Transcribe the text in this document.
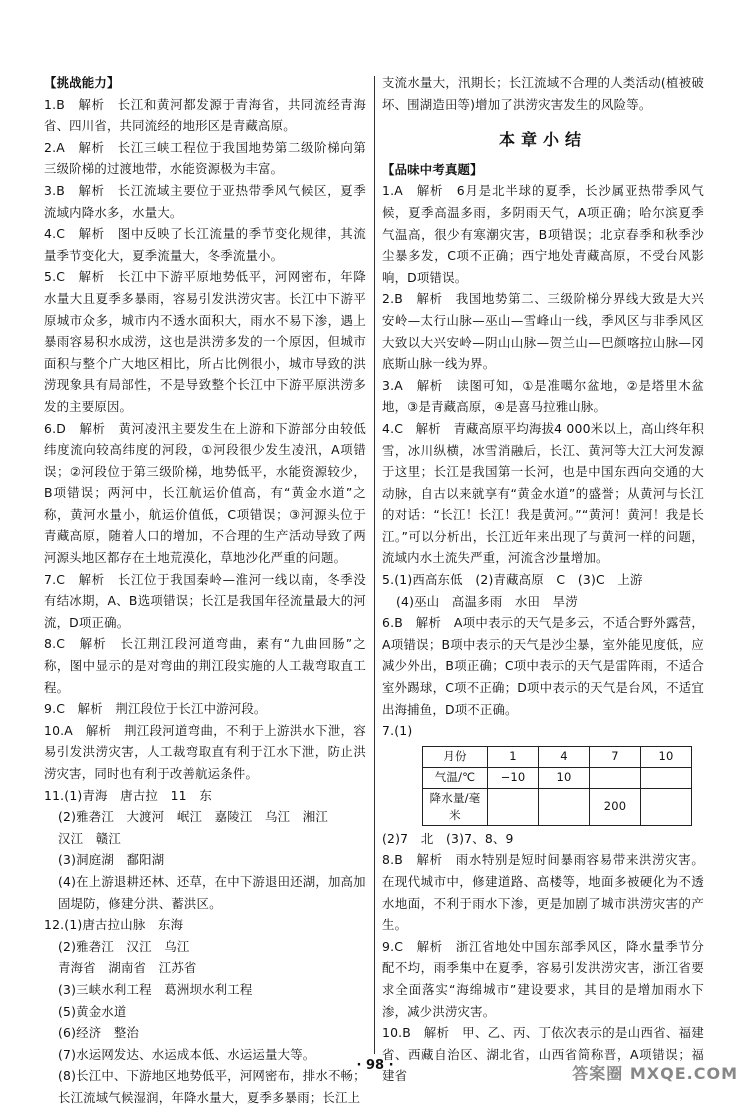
【挑战能力】

1.B　解析　长江和黄河都发源于青海省，共同流经青海省、四川省，共同流经的地形区是青藏高原。

2.A　解析　长江三峡工程位于我国地势第二级阶梯向第三级阶梯的过渡地带，水能资源极为丰富。

3.B　解析　长江流域主要位于亚热带季风气候区，夏季流域内降水多，水量大。

4.C　解析　图中反映了长江流量的季节变化规律，其流量季节变化大，夏季流量大，冬季流量小。

5.C　解析　长江中下游平原地势低平，河网密布，年降水量大且夏季多暴雨，容易引发洪涝灾害。长江中下游平原城市众多，城市内不透水面积大，雨水不易下渗，遇上暴雨容易积水成涝，这也是洪涝多发的一个原因，但城市面积与整个广大地区相比，所占比例很小，城市导致的洪涝现象具有局部性，不是导致整个长江中下游平原洪涝多发的主要原因。

6.D　解析　黄河凌汛主要发生在上游和下游部分由较低纬度流向较高纬度的河段，①河段很少发生凌汛，A项错误；②河段位于第三级阶梯，地势低平，水能资源较少，B项错误；两河中，长江航运价值高，有“黄金水道”之称，黄河水量小，航运价值低，C项错误；③河源头位于青藏高原，随着人口的增加，不合理的生产活动导致了两河源头地区都存在土地荒漠化，草地沙化严重的问题。

7.C　解析　长江位于我国秦岭—淮河一线以南，冬季没有结冰期，A、B选项错误；长江是我国年径流量最大的河流，D项正确。

8.C　解析　长江荆江段河道弯曲，素有“九曲回肠”之称，图中显示的是对弯曲的荆江段实施的人工裁弯取直工程。

9.C　解析　荆江段位于长江中游河段。

10.A　解析　荆江段河道弯曲，不利于上游洪水下泄，容易引发洪涝灾害，人工裁弯取直有利于江水下泄，防止洪涝灾害，同时也有利于改善航运条件。

11.(1)青海　唐古拉　11　东

(2)雅砻江　大渡河　岷江　嘉陵江　乌江　湘江

汉江　赣江

(3)洞庭湖　鄱阳湖

(4)在上游退耕还林、还草，在中下游退田还湖，加高加固堤防，修建分洪、蓄洪区。

12.(1)唐古拉山脉　东海

(2)雅砻江　汉江　乌江

青海省　湖南省　江苏省

(3)三峡水利工程　葛洲坝水利工程

(5)黄金水道

(6)经济　整治

(7)水运网发达、水运成本低、水运运量大等。

(8)长江中、下游地区地势低平，河网密布，排水不畅；长江流域气候湿润，年降水量大，夏季多暴雨；长江上

支流水量大，汛期长；长江流域不合理的人类活动(植被破坏、围湖造田等)增加了洪涝灾害发生的风险等。

本章小结

【品味中考真题】

1.A　解析　6月是北半球的夏季，长沙属亚热带季风气候，夏季高温多雨，多阴雨天气，A项正确；哈尔滨夏季气温高，很少有寒潮灾害，B项错误；北京春季和秋季沙尘暴多发，C项不正确；西宁地处青藏高原，不受台风影响，D项错误。

2.B　解析　我国地势第二、三级阶梯分界线大致是大兴安岭—太行山脉—巫山—雪峰山一线，季风区与非季风区大致以大兴安岭—阴山山脉—贺兰山—巴颜喀拉山脉—冈底斯山脉一线为界。

3.A　解析　读图可知，①是准噶尔盆地，②是塔里木盆地，③是青藏高原，④是喜马拉雅山脉。

4.C　解析　青藏高原平均海拔4 000米以上，高山终年积雪，冰川纵横，冰雪消融后，长江、黄河等大江大河发源于这里；长江是我国第一长河，也是中国东西向交通的大动脉，自古以来就享有“黄金水道”的盛誉；从黄河与长江的对话：“长江！长江！我是黄河。”“黄河！黄河！我是长江。”可以分析出，长江近年来出现了与黄河一样的问题，流域内水土流失严重，河流含沙量增加。

5.(1)西高东低　(2)青藏高原　C　(3)C　上游

(4)巫山　高温多雨　水田　旱涝

6.B　解析　A项中表示的天气是多云，不适合野外露营，A项错误；B项中表示的天气是沙尘暴，室外能见度低，应减少外出，B项正确；C项中表示的天气是雷阵雨，不适合室外踢球，C项不正确；D项中表示的天气是台风，不适宜出海捕鱼，D项不正确。

7.(1)

月份	1	4	7	10
气温/℃	−10	10		
降水量/毫米			200	

(2)7　北　(3)7、8、9

8.B　解析　雨水特别是短时间暴雨容易带来洪涝灾害。在现代城市中，修建道路、高楼等，地面多被硬化为不透水地面，不利于雨水下渗，更是加剧了城市洪涝灾害的产生。

9.C　解析　浙江省地处中国东部季风区，降水量季节分配不均，雨季集中在夏季，容易引发洪涝灾害，浙江省要求全面落实“海绵城市”建设要求，其目的是增加雨水下渗，减少洪涝灾害。

10.B　解析　甲、乙、丙、丁依次表示的是山西省、福建省、西藏自治区、湖北省，山西省简称晋，A项错误；福建省

· 98 ·	答案圈 MXQE.COM
